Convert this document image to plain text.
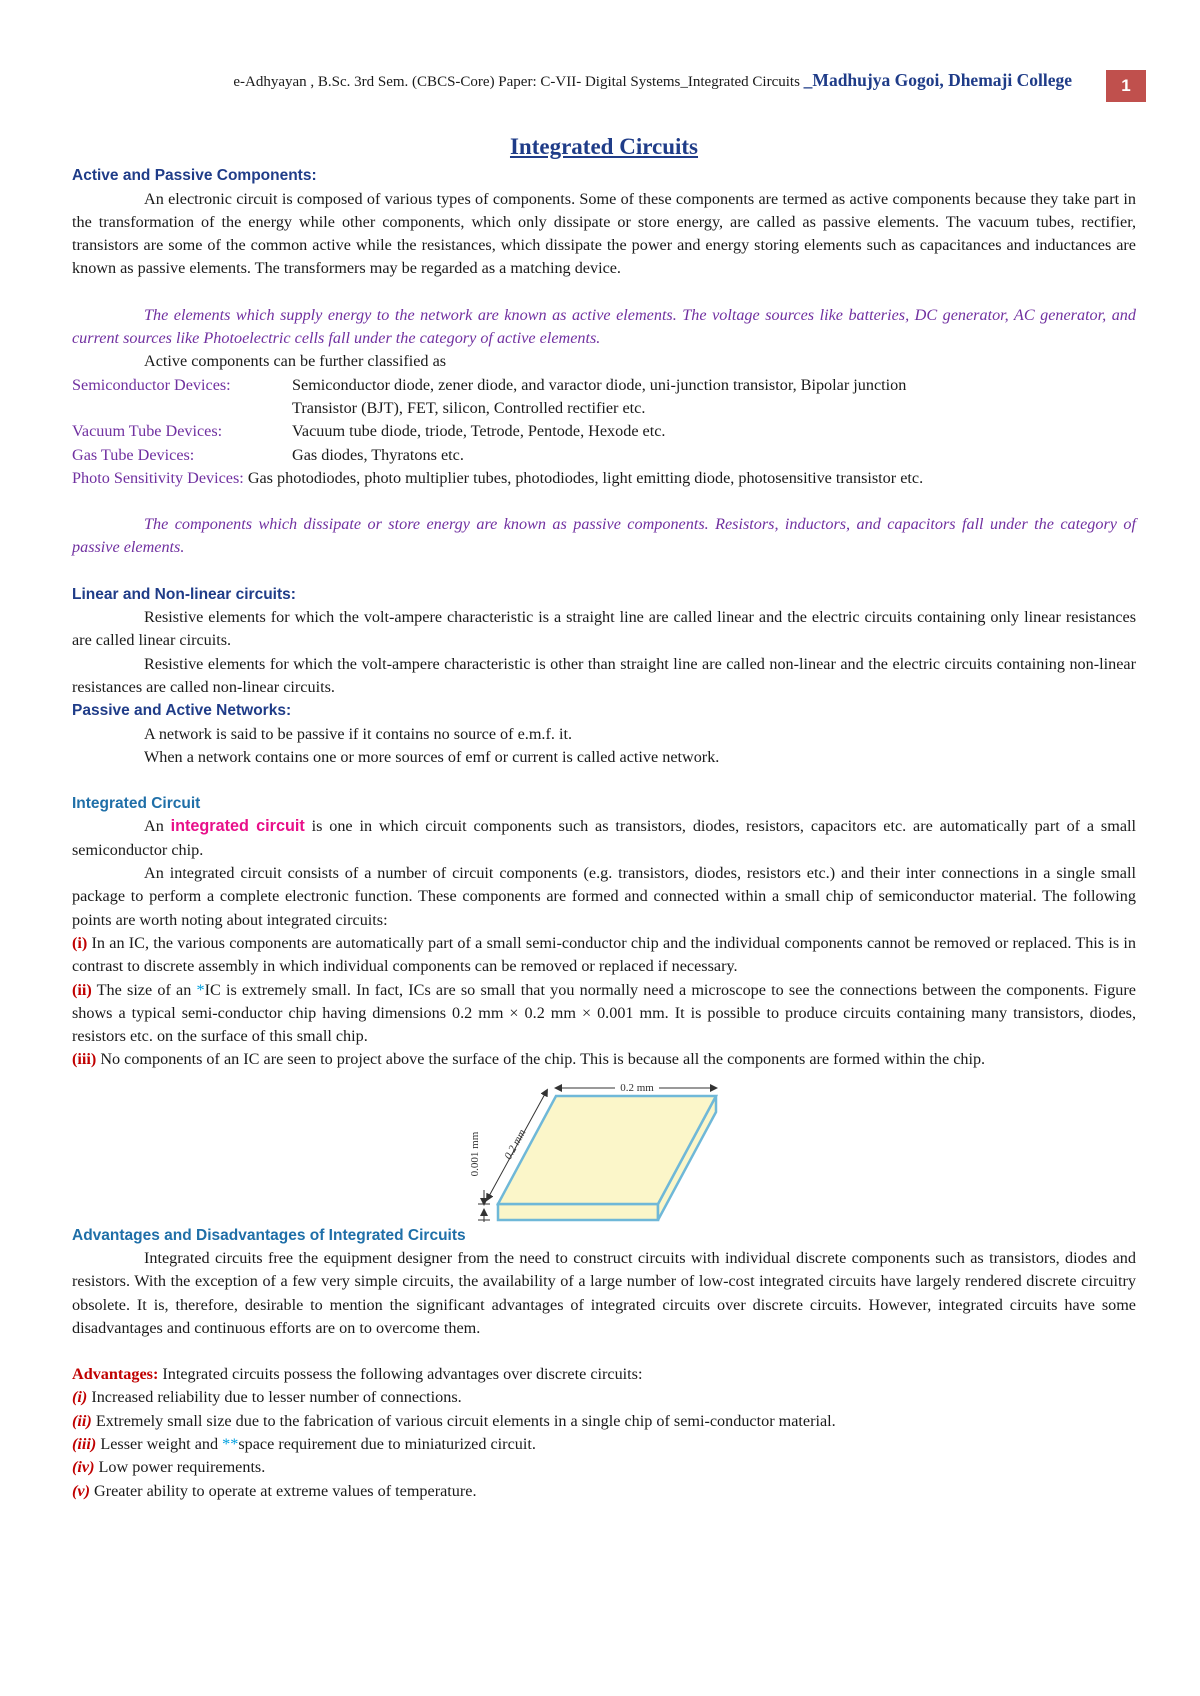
e-Adhyayan , B.Sc. 3rd Sem. (CBCS-Core) Paper: C-VII- Digital Systems_Integrated Circuits _Madhujya Gogoi, Dhemaji College	1
Integrated Circuits
Active and Passive Components:

An electronic circuit is composed of various types of components. Some of these components are termed as active components because they take part in the transformation of the energy while other components, which only dissipate or store energy, are called as passive elements. The vacuum tubes, rectifier, transistors are some of the common active while the resistances, which dissipate the power and energy storing elements such as capacitances and inductances are known as passive elements. The transformers may be regarded as a matching device.

The elements which supply energy to the network are known as active elements. The voltage sources like batteries, DC generator, AC generator, and current sources like Photoelectric cells fall under the category of active elements.

Active components can be further classified as

Semiconductor Devices:	Semiconductor diode, zener diode, and varactor diode, uni-junction transistor, Bipolar junction
Transistor (BJT), FET, silicon, Controlled rectifier etc.
Vacuum Tube Devices:	Vacuum tube diode, triode, Tetrode, Pentode, Hexode etc.
Gas Tube Devices:	Gas diodes, Thyratons etc.

Photo Sensitivity Devices: Gas photodiodes, photo multiplier tubes, photodiodes, light emitting diode, photosensitive transistor etc.

The components which dissipate or store energy are known as passive components. Resistors, inductors, and capacitors fall under the category of passive elements.

Linear and Non-linear circuits:

Resistive elements for which the volt-ampere characteristic is a straight line are called linear and the electric circuits containing only linear resistances are called linear circuits.

Resistive elements for which the volt-ampere characteristic is other than straight line are called non-linear and the electric circuits containing non-linear resistances are called non-linear circuits.

Passive and Active Networks:

A network is said to be passive if it contains no source of e.m.f. it.

When a network contains one or more sources of emf or current is called active network.

Integrated Circuit

An integrated circuit is one in which circuit components such as transistors, diodes, resistors, capacitors etc. are automatically part of a small semiconductor chip.

An integrated circuit consists of a number of circuit components (e.g. transistors, diodes, resistors etc.) and their inter connections in a single small package to perform a complete electronic function. These components are formed and connected within a small chip of semiconductor material. The following points are worth noting about integrated circuits:

(i) In an IC, the various components are automatically part of a small semi-conductor chip and the individual components cannot be removed or replaced. This is in contrast to discrete assembly in which individual components can be removed or replaced if necessary.

(ii) The size of an *IC is extremely small. In fact, ICs are so small that you normally need a microscope to see the connections between the components. Figure shows a typical semi-conductor chip having dimensions 0.2 mm × 0.2 mm × 0.001 mm. It is possible to produce circuits containing many transistors, diodes, resistors etc. on the surface of this small chip.

(iii) No components of an IC are seen to project above the surface of the chip. This is because all the components are formed within the chip.

0.2 mm
0.2 mm
0.001 mm
Advantages and Disadvantages of Integrated Circuits

Integrated circuits free the equipment designer from the need to construct circuits with individual discrete components such as transistors, diodes and resistors. With the exception of a few very simple circuits, the availability of a large number of low-cost integrated circuits have largely rendered discrete circuitry obsolete. It is, therefore, desirable to mention the significant advantages of integrated circuits over discrete circuits. However, integrated circuits have some disadvantages and continuous efforts are on to overcome them.

Advantages: Integrated circuits possess the following advantages over discrete circuits:

(i) Increased reliability due to lesser number of connections.

(ii) Extremely small size due to the fabrication of various circuit elements in a single chip of semi-conductor material.

(iii) Lesser weight and **space requirement due to miniaturized circuit.

(iv) Low power requirements.

(v) Greater ability to operate at extreme values of temperature.
